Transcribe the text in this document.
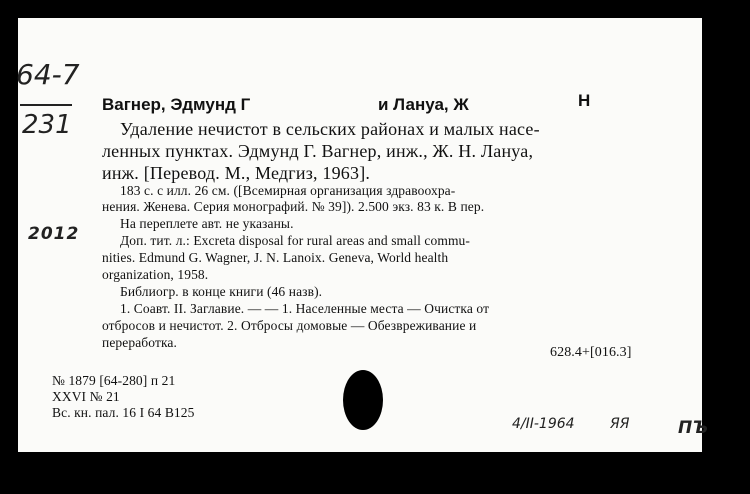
64-7
231
2012
Вагнер, Эдмунд Г	и Лануа, Ж	Н
Удаление нечистот в сельских районах и малых насе-
ленных пунктах. Эдмунд Г. Вагнер, инж., Ж. Н. Лануа,
инж. [Перевод. М., Медгиз, 1963].
183 с. с илл. 26 см. ([Всемирная организация здравоохра-
нения. Женева. Серия монографий. № 39]). 2.500 экз. 83 к. В пер.
На переплете авт. не указаны.
Доп. тит. л.: Excreta disposal for rural areas and small commu-
nities. Edmund G. Wagner, J. N. Lanoix. Geneva, World health
organization, 1958.
Библиогр. в конце книги (46 назв).
1. Соавт. II. Заглавие. — — 1. Населенные места — Очистка от
отбросов и нечистот. 2. Отбросы домовые — Обезвреживание и
переработка.
628.4+[016.3]
№ 1879 [64-280] п 21
XXVI № 21
Вс. кн. пал. 16 I 64 В125
4/II-1964	ЯЯ	ПЪ
